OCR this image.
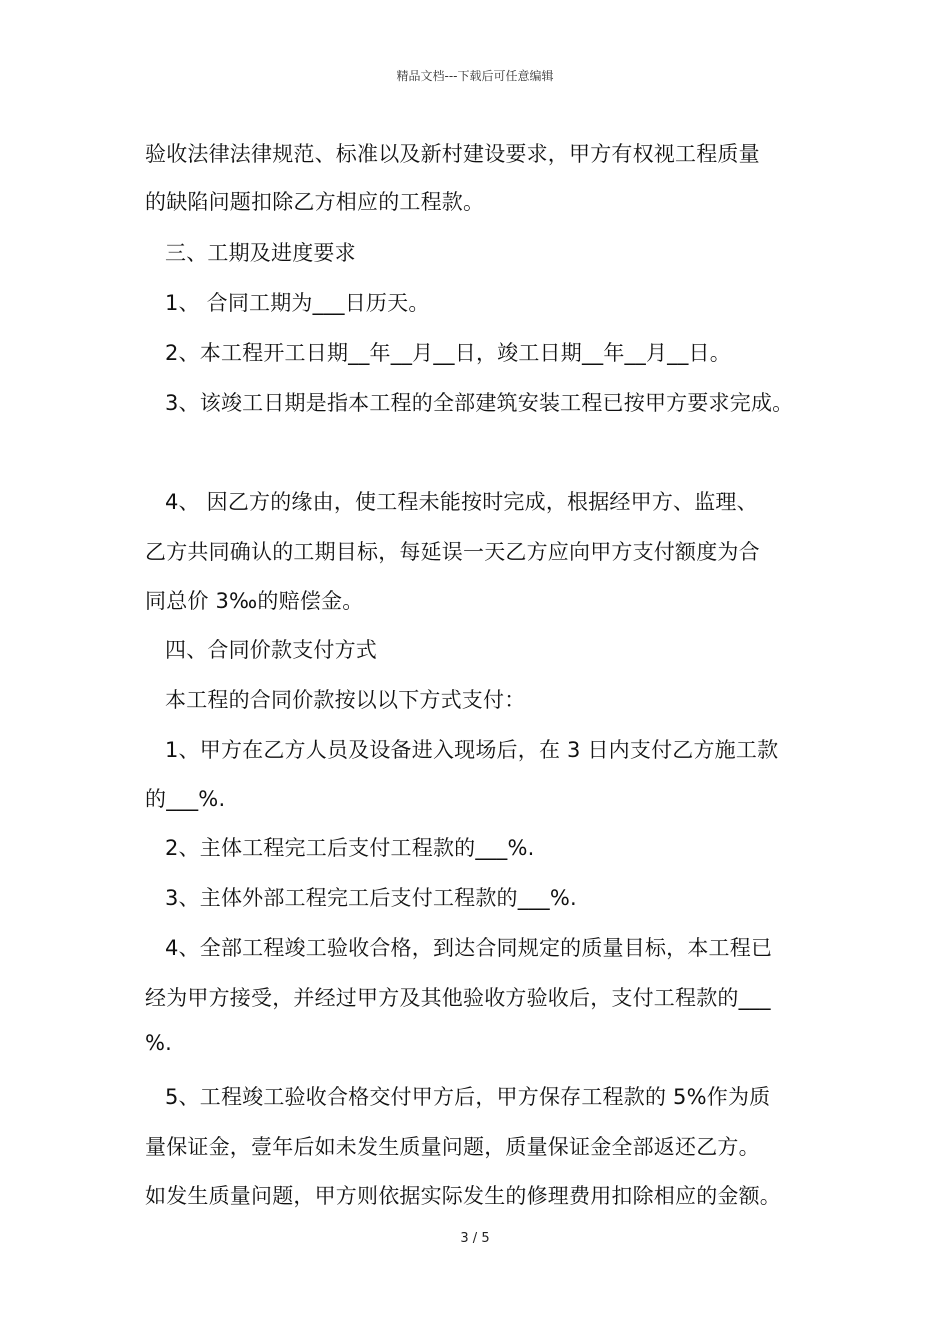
精品文档---下载后可任意编辑
验收法律法律规范、标准以及新村建设要求，甲方有权视工程质量
的缺陷问题扣除乙方相应的工程款。
三、工期及进度要求
1、 合同工期为___日历天。
2、本工程开工日期__年__月__日，竣工日期__年__月__日。
3、该竣工日期是指本工程的全部建筑安装工程已按甲方要求完成。
4、 因乙方的缘由，使工程未能按时完成，根据经甲方、监理、
乙方共同确认的工期目标，每延误一天乙方应向甲方支付额度为合
同总价 3‰的赔偿金。
四、合同价款支付方式
本工程的合同价款按以以下方式支付：
1、甲方在乙方人员及设备进入现场后，在 3 日内支付乙方施工款
的___%.
2、主体工程完工后支付工程款的___%.
3、主体外部工程完工后支付工程款的___%.
4、全部工程竣工验收合格，到达合同规定的质量目标，本工程已
经为甲方接受，并经过甲方及其他验收方验收后，支付工程款的___
%.
5、工程竣工验收合格交付甲方后，甲方保存工程款的 5%作为质
量保证金，壹年后如未发生质量问题，质量保证金全部返还乙方。
如发生质量问题，甲方则依据实际发生的修理费用扣除相应的金额。
3 / 5
